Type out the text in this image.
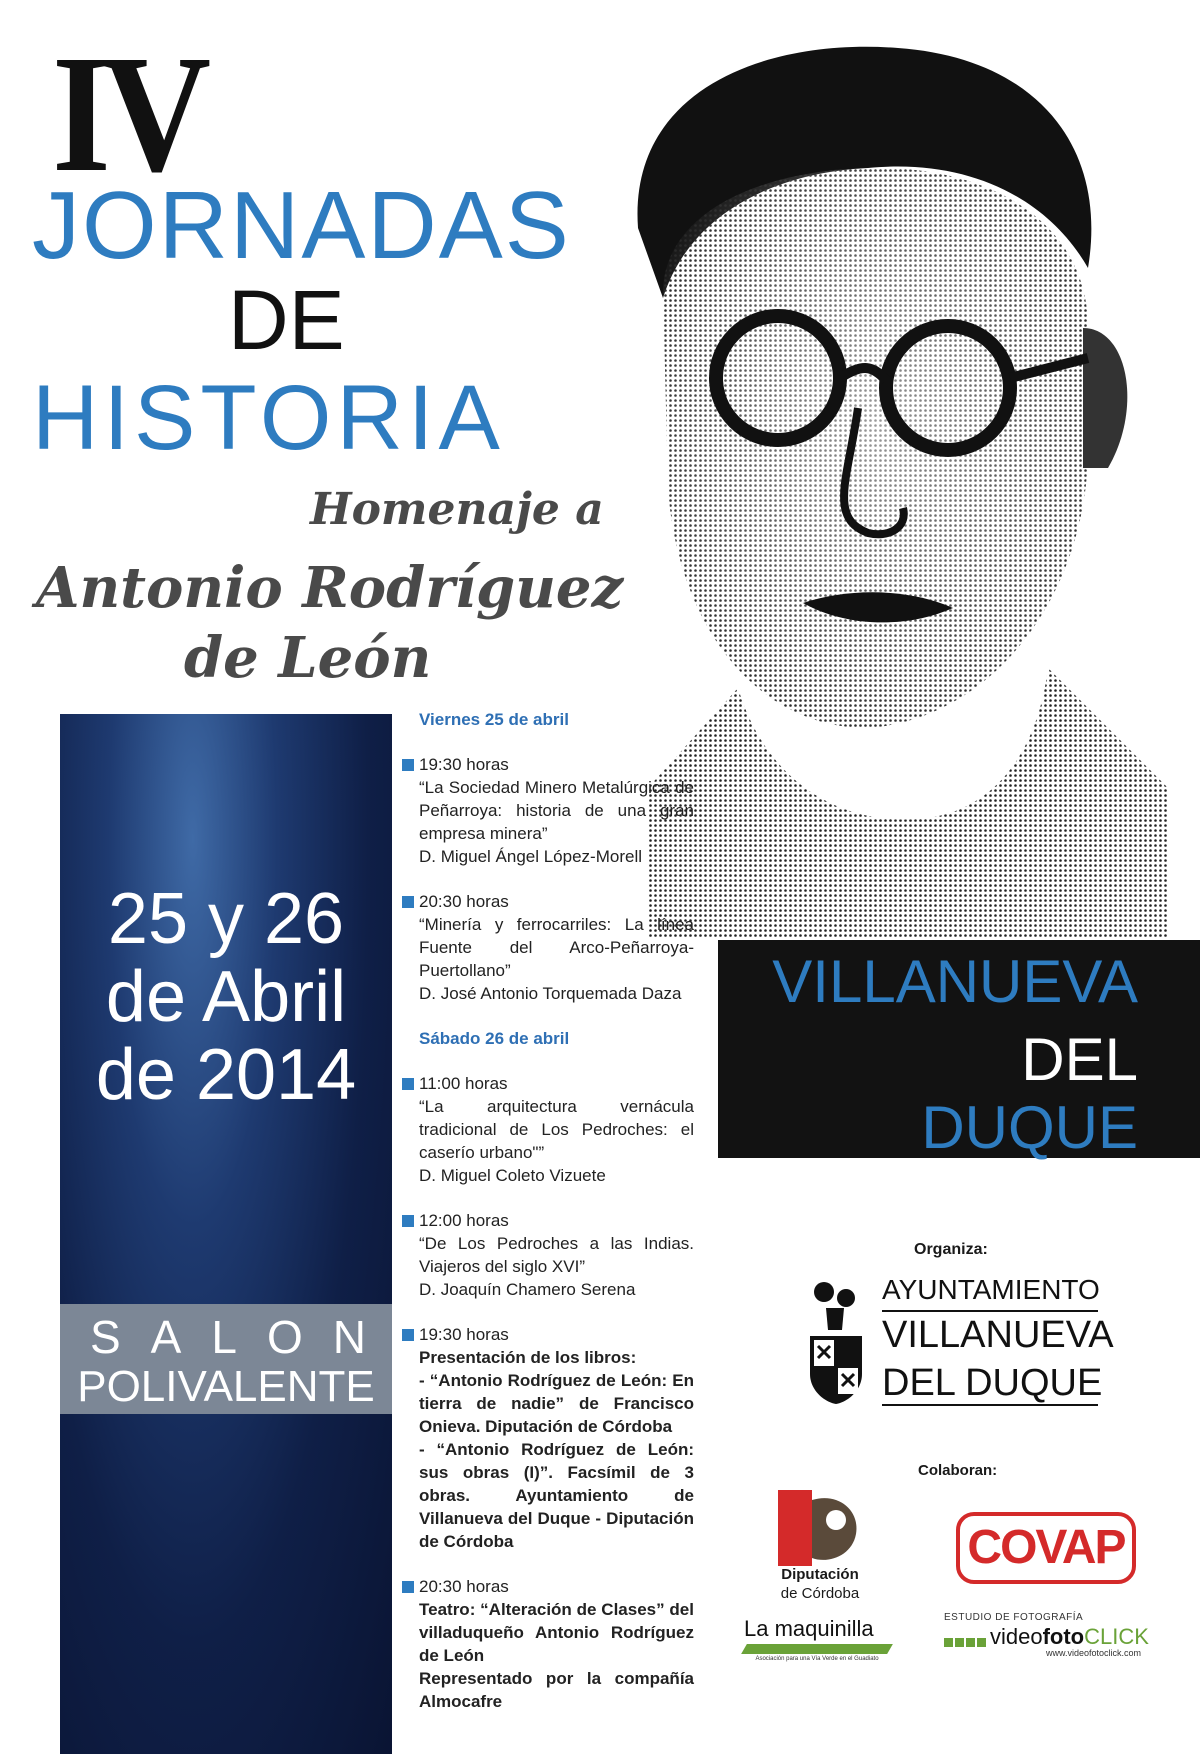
IV
JORNADAS
DE
HISTORIA
Homenaje a
Antonio Rodríguez
de León
25 y 26
de Abril
de 2014
SALON
POLIVALENTE
Viernes 25 de abril
19:30 horas
“La Sociedad Minero Metalúrgica de Peñarroya: historia de una gran empresa minera”
D. Miguel Ángel López-Morell
20:30 horas
“Minería y ferrocarriles: La línea Fuente del Arco-Peñarroya-Puertollano”
D. José Antonio Torquemada Daza
Sábado 26 de abril
11:00 horas
“La arquitectura vernácula tradicional de Los Pedroches: el caserío urbano"”
D. Miguel Coleto Vizuete
12:00 horas
“De Los Pedroches a las Indias. Viajeros del siglo XVI”
D. Joaquín Chamero Serena
19:30 horas
Presentación de los libros:
- “Antonio Rodríguez de León: En tierra de nadie” de Francisco Onieva. Diputación de Córdoba
- “Antonio Rodríguez de León: sus obras (I)”. Facsímil de 3 obras. Ayuntamiento de Villanueva del Duque - Diputación de Córdoba
20:30 horas
Teatro: “Alteración de Clases” del villaduqueño Antonio Rodríguez de León
Representado por la compañía Almocafre
VILLANUEVA
DEL
DUQUE
Organiza:
AYUNTAMIENTO
VILLANUEVA
DEL DUQUE
Colaboran:
Diputación
de Córdoba
COVAP
La maquinilla
Asociación para una Vía Verde en el Guadiato
ESTUDIO DE FOTOGRAFÍA
videofotoCLICK
www.videofotoclick.com
